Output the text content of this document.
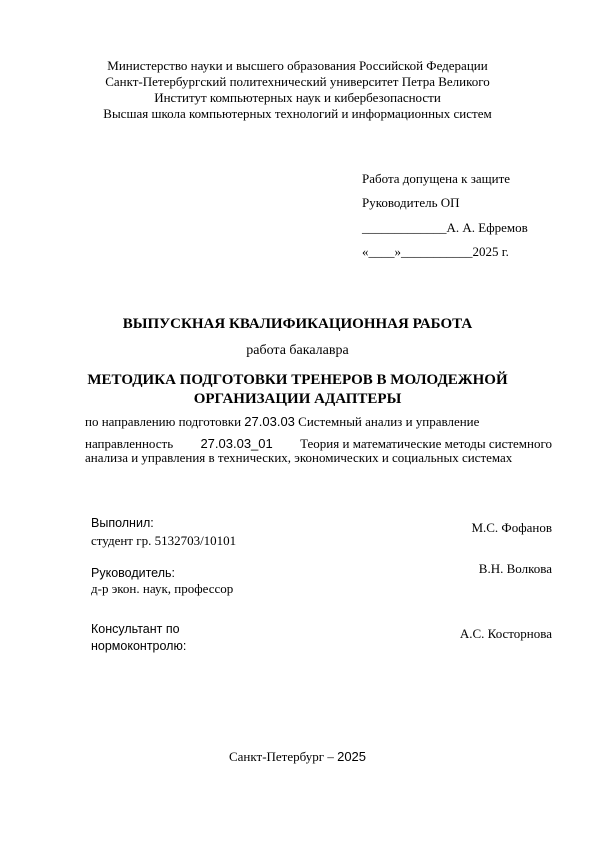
Министерство науки и высшего образования Российской Федерации
Санкт-Петербургский политехнический университет Петра Великого
Институт компьютерных наук и кибербезопасности
Высшая школа компьютерных технологий и информационных систем
Работа допущена к защите
Руководитель ОП
_____________А. А. Ефремов
«____»___________2025 г.
ВЫПУСКНАЯ КВАЛИФИКАЦИОННАЯ РАБОТА
работа бакалавра
МЕТОДИКА ПОДГОТОВКИ ТРЕНЕРОВ В МОЛОДЕЖНОЙ
ОРГАНИЗАЦИИ АДАПТЕРЫ
по направлению подготовки 27.03.03 Системный анализ и управление
направленность 27.03.03_01 Теория и математические методы системного
анализа и управления в технических, экономических и социальных системах
Выполнил:
студент гр. 5132703/10101
М.С. Фофанов
Руководитель:
д-р экон. наук, профессор
В.Н. Волкова
Консультант по
нормоконтролю:
А.С. Косторнова
Санкт-Петербург – 2025
